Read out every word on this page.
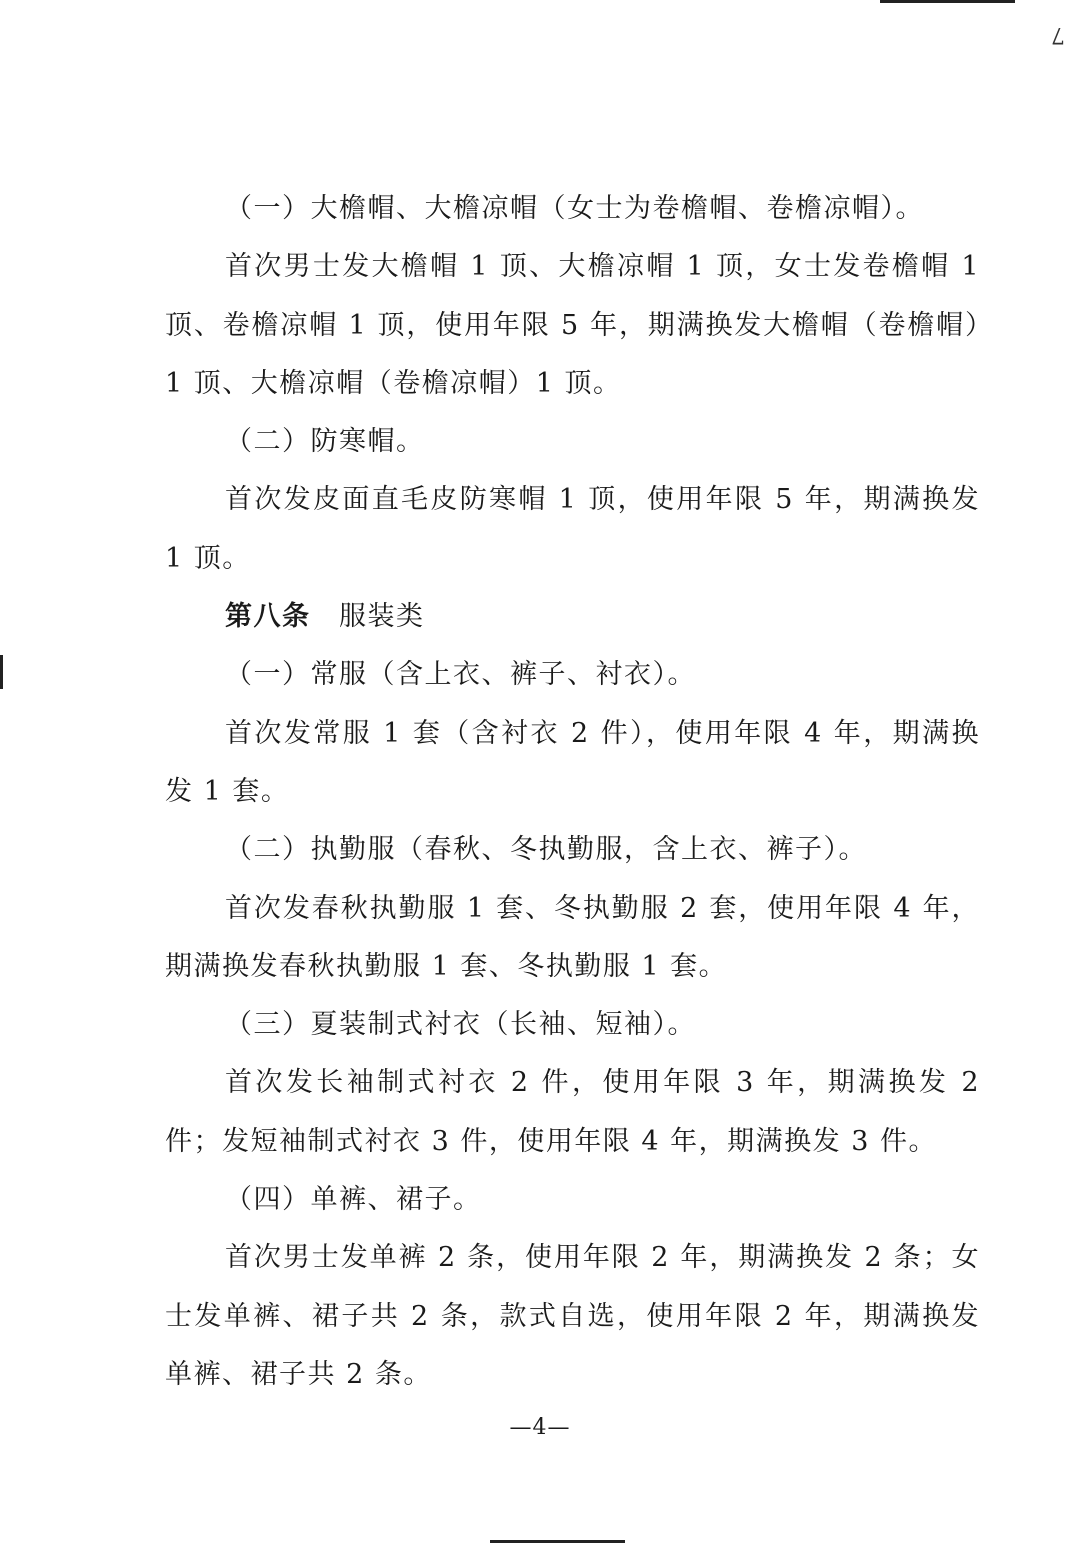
7

（一）大檐帽、大檐凉帽（女士为卷檐帽、卷檐凉帽）。

首次男士发大檐帽 1 顶、大檐凉帽 1 顶，女士发卷檐帽 1 顶、卷檐凉帽 1 顶，使用年限 5 年，期满换发大檐帽（卷檐帽）1 顶、大檐凉帽（卷檐凉帽）1 顶。

（二）防寒帽。

首次发皮面直毛皮防寒帽 1 顶，使用年限 5 年，期满换发 1 顶。

第八条  服装类

（一）常服（含上衣、裤子、衬衣）。

首次发常服 1 套（含衬衣 2 件），使用年限 4 年，期满换发 1 套。

（二）执勤服（春秋、冬执勤服，含上衣、裤子）。

首次发春秋执勤服 1 套、冬执勤服 2 套，使用年限 4 年，期满换发春秋执勤服 1 套、冬执勤服 1 套。

（三）夏装制式衬衣（长袖、短袖）。

首次发长袖制式衬衣 2 件，使用年限 3 年，期满换发 2 件；发短袖制式衬衣 3 件，使用年限 4 年，期满换发 3 件。

（四）单裤、裙子。

首次男士发单裤 2 条，使用年限 2 年，期满换发 2 条；女士发单裤、裙子共 2 条，款式自选，使用年限 2 年，期满换发单裤、裙子共 2 条。

—4—
